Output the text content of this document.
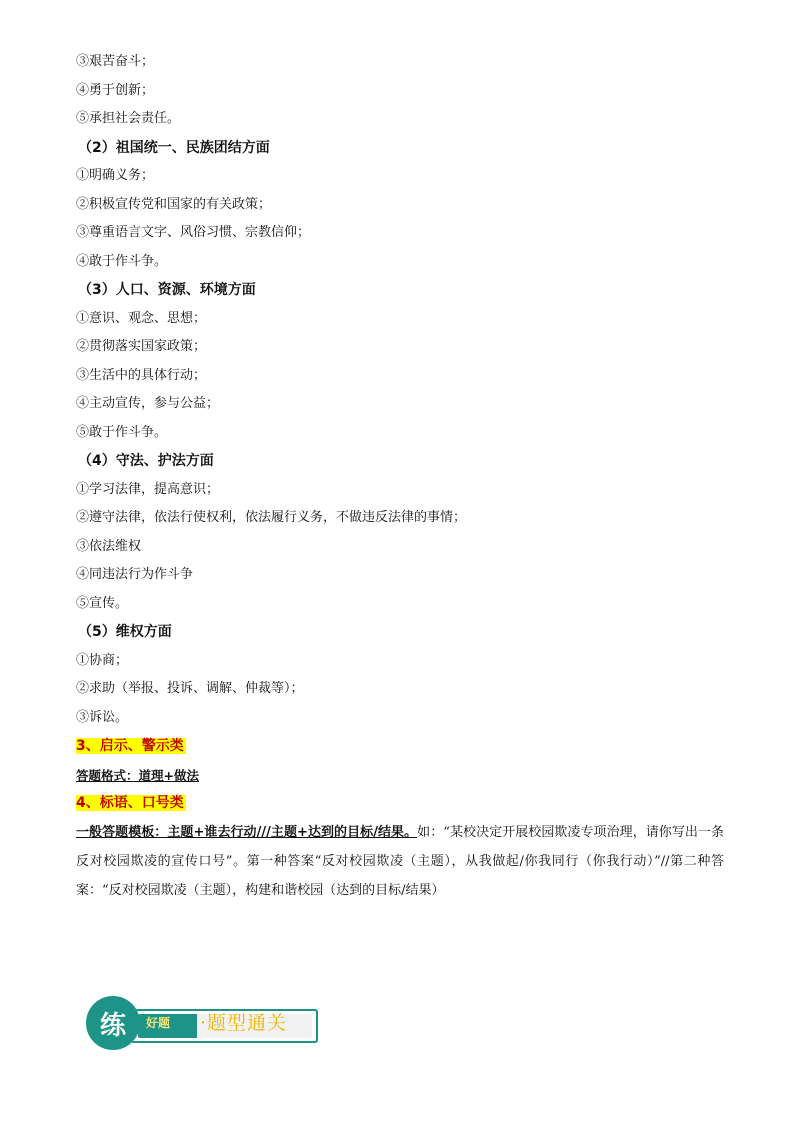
③艰苦奋斗；
④勇于创新；
⑤承担社会责任。
（2）祖国统一、民族团结方面
①明确义务；
②积极宣传党和国家的有关政策；
③尊重语言文字、风俗习惯、宗教信仰；
④敢于作斗争。
（3）人口、资源、环境方面
①意识、观念、思想；
②贯彻落实国家政策；
③生活中的具体行动；
④主动宣传，参与公益；
⑤敢于作斗争。
（4）守法、护法方面
①学习法律，提高意识；
②遵守法律，依法行使权利，依法履行义务，不做违反法律的事情；
③依法维权
④同违法行为作斗争
⑤宣传。
（5）维权方面
①协商；
②求助（举报、投诉、调解、仲裁等）；
③诉讼。
3、启示、警示类
答题格式：道理+做法
4、标语、口号类
一般答题模板：主题+谁去行动///主题+达到的目标/结果。如：“某校决定开展校园欺凌专项治理，请你写出一条反对校园欺凌的宣传口号”。第一种答案“反对校园欺凌（主题），从我做起/你我同行（你我行动）”//第二种答案：“反对校园欺凌（主题），构建和谐校园（达到的目标/结果）
练	好题 ·题型通关
